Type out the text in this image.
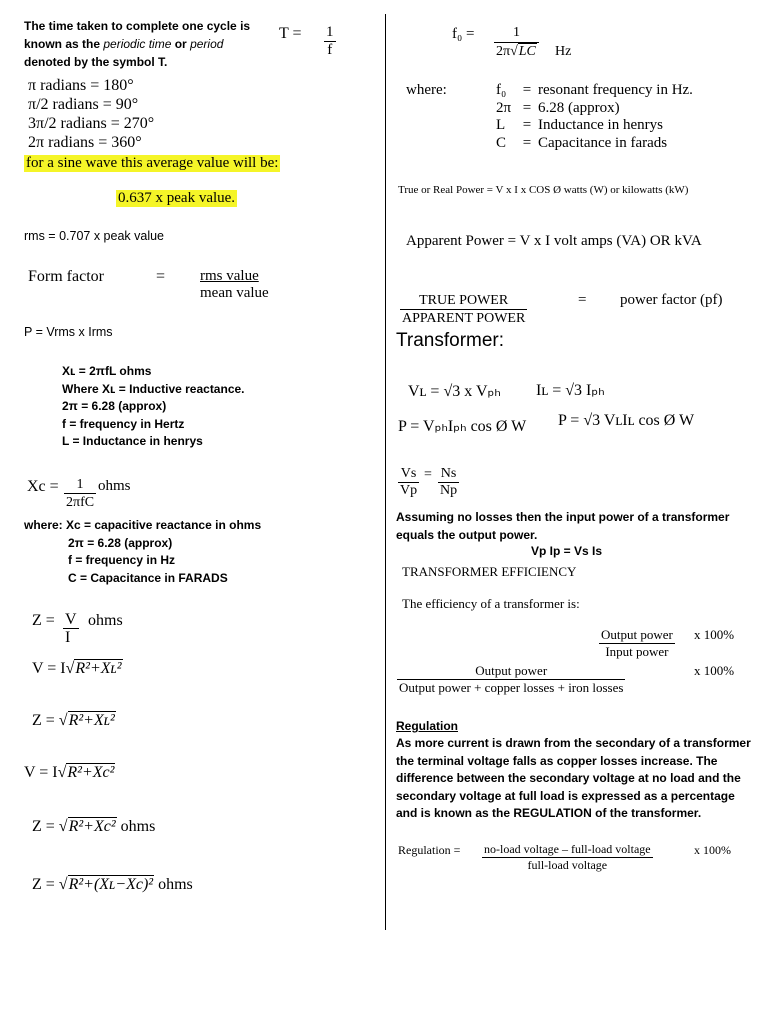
The time taken to complete one cycle is
known as the periodic time or period
denoted by the symbol T.
$T = \frac{1}{f}$
π radians = 180°
π/2 radians = 90°
3π/2 radians = 270°
2π radians = 360°
for a sine wave this average value will be:
0.637 x peak value.
rms = 0.707 x peak value
Form factor	= rms value
mean value
P = Vrms x Irms
Xʟ = 2πfL ohms
Where Xʟ = Inductive reactance.
2π = 6.28 (approx)
f = frequency in Hertz
L = Inductance in henrys
Xc =	1
2πfC
ohms
where: Xc = capacitive reactance in ohms
2π = 6.28 (approx)
f = frequency in Hz
C = Capacitance in FARADS
$Z = \frac{V}{I}$ ohms
V = I√R²+Xʟ²
Z = √R²+Xʟ²
V = I√R²+Xc²
Z = √R²+Xc² ohms
Z = √R²+(Xʟ−Xc)² ohms
$f_0 = \frac{1}{2\pi√LC}$ Hz
where:	f₀ = resonant frequency in Hz.
2π = 6.28 (approx)
L = Inductance in henrys
C = Capacitance in farads
True or Real Power = V x I x COS Ø watts (W) or kilowatts (kW)
Apparent Power = V x I volt amps (VA) OR kVA
TRUE POWER
APPARENT POWER
= power factor (pf)
Transformer:
Vʟ = √3 x Vₚₕ Iʟ = √3 Iₚₕ
P = VₚₕIₚₕ cos Ø W P = √3 VʟIʟ cos Ø W
$\frac{Vs}{Vp} = \frac{Ns}{Np}$
Assuming no losses then the input power of a transformer equals the output power.
Vp Ip = Vs Is
TRANSFORMER EFFICIENCY
The efficiency of a transformer is:
Output power
Input power
x 100%
Output power
Output power + copper losses + iron losses
x 100%
Regulation
As more current is drawn from the secondary of a transformer the terminal voltage falls as copper losses increase. The difference between the secondary voltage at no load and the secondary voltage at full load is expressed as a percentage and is known as the REGULATION of the transformer.
Regulation = no-load voltage – full-load voltage
full-load voltage
x 100%
